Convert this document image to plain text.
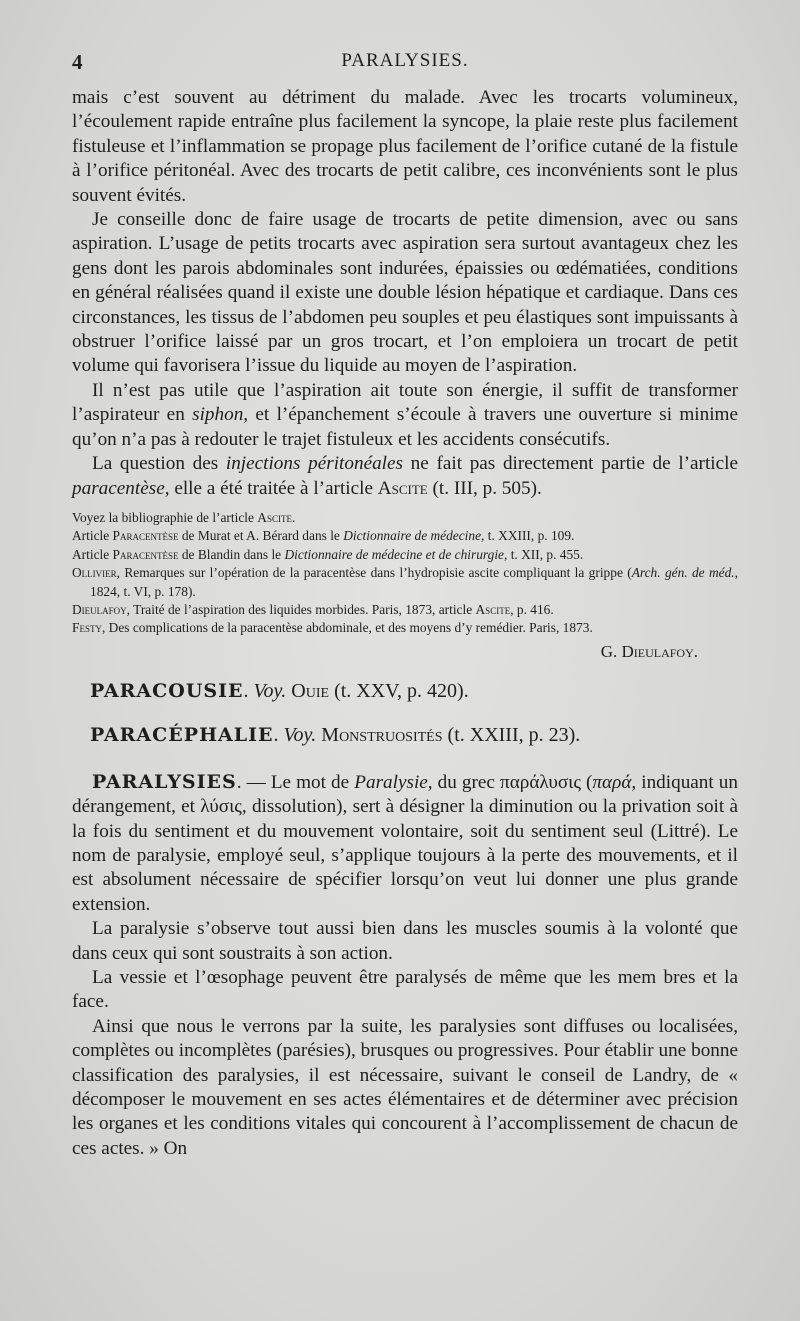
4	PARALYSIES.

mais c’est souvent au détriment du malade. Avec les trocarts volumineux, l’écoulement rapide entraîne plus facilement la syncope, la plaie reste plus facilement fistuleuse et l’inflammation se propage plus facilement de l’orifice cutané de la fistule à l’orifice péritonéal. Avec des trocarts de petit calibre, ces inconvénients sont le plus souvent évités.

Je conseille donc de faire usage de trocarts de petite dimension, avec ou sans aspiration. L’usage de petits trocarts avec aspiration sera surtout avantageux chez les gens dont les parois abdominales sont indurées, épaissies ou œdématiées, conditions en général réalisées quand il existe une double lésion hépatique et cardiaque. Dans ces circonstances, les tissus de l’abdomen peu souples et peu élastiques sont impuissants à obstruer l’orifice laissé par un gros trocart, et l’on emploiera un trocart de petit volume qui favorisera l’issue du liquide au moyen de l’aspiration.

Il n’est pas utile que l’aspiration ait toute son énergie, il suffit de transformer l’aspirateur en siphon, et l’épanchement s’écoule à travers une ouverture si minime qu’on n’a pas à redouter le trajet fistuleux et les accidents consécutifs.

La question des injections péritonéales ne fait pas directement partie de l’article paracentèse, elle a été traitée à l’article Ascite (t. III, p. 505).

Voyez la bibliographie de l’article Ascite.

Article Paracentèse de Murat et A. Bérard dans le Dictionnaire de médecine, t. XXIII, p. 109.

Article Paracentèse de Blandin dans le Dictionnaire de médecine et de chirurgie, t. XII, p. 455.

Ollivier, Remarques sur l’opération de la paracentèse dans l’hydropisie ascite compliquant la grippe (Arch. gén. de méd., 1824, t. VI, p. 178).

Dieulafoy, Traité de l’aspiration des liquides morbides. Paris, 1873, article Ascite, p. 416.

Festy, Des complications de la paracentèse abdominale, et des moyens d’y remédier. Paris, 1873.

G. Dieulafoy.
PARACOUSIE. Voy. Ouie (t. XXV, p. 420).
PARACÉPHALIE. Voy. Monstruosités (t. XXIII, p. 23).

PARALYSIES. — Le mot de Paralysie, du grec παράλυσις (παρά, indiquant un dérangement, et λύσις, dissolution), sert à désigner la diminution ou la privation soit à la fois du sentiment et du mouvement volontaire, soit du sentiment seul (Littré). Le nom de paralysie, employé seul, s’applique toujours à la perte des mouvements, et il est absolument nécessaire de spécifier lorsqu’on veut lui donner une plus grande extension.

La paralysie s’observe tout aussi bien dans les muscles soumis à la volonté que dans ceux qui sont soustraits à son action.

La vessie et l’œsophage peuvent être paralysés de même que les mem bres et la face.

Ainsi que nous le verrons par la suite, les paralysies sont diffuses ou localisées, complètes ou incomplètes (parésies), brusques ou progressives. Pour établir une bonne classification des paralysies, il est nécessaire, suivant le conseil de Landry, de « décomposer le mouvement en ses actes élémentaires et de déterminer avec précision les organes et les conditions vitales qui concourent à l’accomplissement de chacun de ces actes. » On
